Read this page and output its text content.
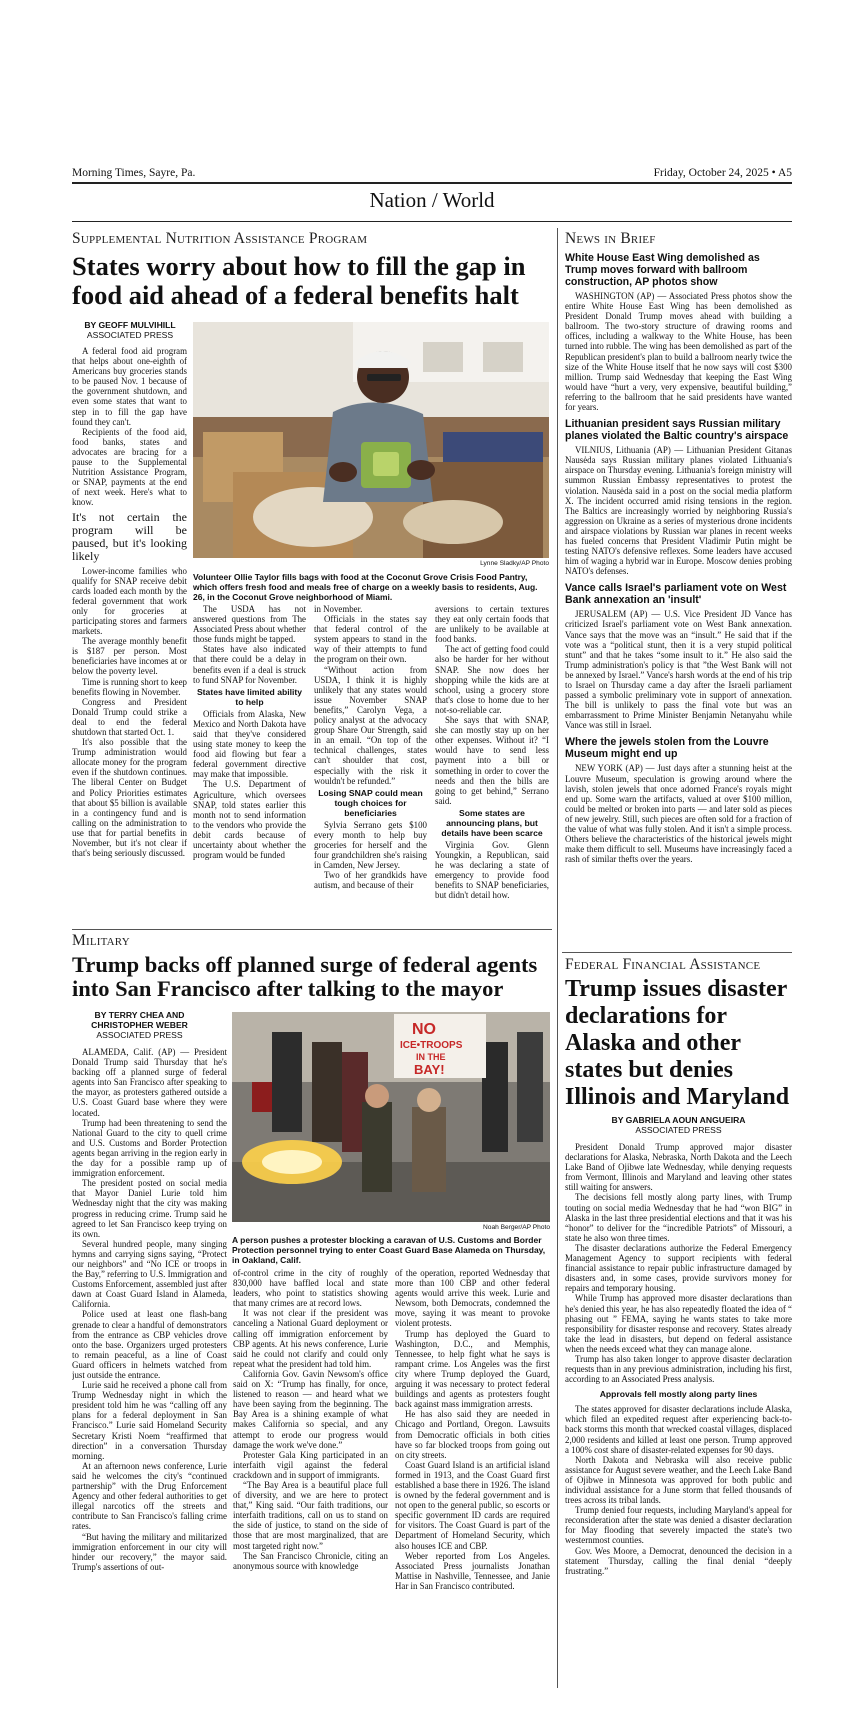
Morning Times, Sayre, Pa.	Friday, October 24, 2025 • A5
Nation / World
Supplemental Nutrition Assistance Program
States worry about how to fill the gap in food aid ahead of a federal benefits halt
BY GEOFF MULVIHILL
ASSOCIATED PRESS
Lynne Sladky/AP Photo
Volunteer Ollie Taylor fills bags with food at the Coconut Grove Crisis Food Pantry, which offers fresh food and meals free of charge on a weekly basis to residents, Aug. 26, in the Coconut Grove neighborhood of Miami.

A federal food aid program that helps about one-eighth of Americans buy groceries stands to be paused Nov. 1 because of the government shutdown, and even some states that want to step in to fill the gap have found they can't.

Recipients of the food aid, food banks, states and advocates are bracing for a pause to the Supplemental Nutrition Assistance Program, or SNAP, payments at the end of next week. Here's what to know.

It's not certain the program will be paused, but it's looking likely

Lower-income families who qualify for SNAP receive debit cards loaded each month by the federal government that work only for groceries at participating stores and farmers markets.

The average monthly benefit is $187 per person. Most beneficiaries have incomes at or below the poverty level.

Time is running short to keep benefits flowing in November.

Congress and President Donald Trump could strike a deal to end the federal shutdown that started Oct. 1.

It's also possible that the Trump administration would allocate money for the program even if the shutdown continues. The liberal Center on Budget and Policy Priorities estimates that about $5 billion is available in a contingency fund and is calling on the administration to use that for partial benefits in November, but it's not clear if that's being seriously discussed.

The USDA has not answered questions from The Associated Press about whether those funds might be tapped.

States have also indicated that there could be a delay in benefits even if a deal is struck to fund SNAP for November.

States have limited ability to help

Officials from Alaska, New Mexico and North Dakota have said that they've considered using state money to keep the food aid flowing but fear a federal government directive may make that impossible.

The U.S. Department of Agriculture, which oversees SNAP, told states earlier this month not to send information to the vendors who provide the debit cards because of uncertainty about whether the program would be funded

in November.

Officials in the states say that federal control of the system appears to stand in the way of their attempts to fund the program on their own.

“Without action from USDA, I think it is highly unlikely that any states would issue November SNAP benefits,” Carolyn Vega, a policy analyst at the advocacy group Share Our Strength, said in an email. “On top of the technical challenges, states can't shoulder that cost, especially with the risk it wouldn't be refunded.”

Losing SNAP could mean tough choices for beneficiaries

Sylvia Serrano gets $100 every month to help buy groceries for herself and the four grandchildren she's raising in Camden, New Jersey.

Two of her grandkids have autism, and because of their

aversions to certain textures they eat only certain foods that are unlikely to be available at food banks.

The act of getting food could also be harder for her without SNAP. She now does her shopping while the kids are at school, using a grocery store that's close to home due to her not-so-reliable car.

She says that with SNAP, she can mostly stay up on her other expenses. Without it? “I would have to send less payment into a bill or something in order to cover the needs and then the bills are going to get behind,” Serrano said.

Some states are announcing plans, but details have been scarce

Virginia Gov. Glenn Youngkin, a Republican, said he was declaring a state of emergency to provide food benefits to SNAP beneficiaries, but didn't detail how.

News in Brief
White House East Wing demolished as Trump moves forward with ballroom construction, AP photos show

WASHINGTON (AP) — Associated Press photos show the entire White House East Wing has been demolished as President Donald Trump moves ahead with building a ballroom. The two-story structure of drawing rooms and offices, including a walkway to the White House, has been turned into rubble. The wing has been demolished as part of the Republican president's plan to build a ballroom nearly twice the size of the White House itself that he now says will cost $300 million. Trump said Wednesday that keeping the East Wing would have “hurt a very, very expensive, beautiful building,” referring to the ballroom that he said presidents have wanted for years.

Lithuanian president says Russian military planes violated the Baltic country's airspace

VILNIUS, Lithuania (AP) — Lithuanian President Gitanas Nausėda says Russian military planes violated Lithuania's airspace on Thursday evening. Lithuania's foreign ministry will summon Russian Embassy representatives to protest the violation. Nausėda said in a post on the social media platform X. The incident occurred amid rising tensions in the region. The Baltics are increasingly worried by neighboring Russia's aggression on Ukraine as a series of mysterious drone incidents and airspace violations by Russian war planes in recent weeks has fueled concerns that President Vladimir Putin might be testing NATO's defensive reflexes. Some leaders have accused him of waging a hybrid war in Europe. Moscow denies probing NATO's defenses.

Vance calls Israel's parliament vote on West Bank annexation an 'insult'

JERUSALEM (AP) — U.S. Vice President JD Vance has criticized Israel's parliament vote on West Bank annexation. Vance says that the move was an “insult.” He said that if the vote was a “political stunt, then it is a very stupid political stunt” and that he takes “some insult to it.” He also said the Trump administration's policy is that ”the West Bank will not be annexed by Israel.” Vance's harsh words at the end of his trip to Israel on Thursday came a day after the Israeli parliament passed a symbolic preliminary vote in support of annexation. The bill is unlikely to pass the final vote but was an embarrassment to Prime Minister Benjamin Netanyahu while Vance was still in Israel.

Where the jewels stolen from the Louvre Museum might end up

NEW YORK (AP) — Just days after a stunning heist at the Louvre Museum, speculation is growing around where the lavish, stolen jewels that once adorned France's royals might end up. Some warn the artifacts, valued at over $100 million, could be melted or broken into parts — and later sold as pieces of new jewelry. Still, such pieces are often sold for a fraction of the value of what was fully stolen. And it isn't a simple process. Others believe the characteristics of the historical jewels might make them difficult to sell. Museums have increasingly faced a rash of similar thefts over the years.

Military
Trump backs off planned surge of federal agents into San Francisco after talking to the mayor
BY TERRY CHEA AND
CHRISTOPHER WEBER
ASSOCIATED PRESS	NO
ICE•TROOPS
IN THE
BAY!
Noah Berger/AP Photo
A person pushes a protester blocking a caravan of U.S. Customs and Border Protection personnel trying to enter Coast Guard Base Alameda on Thursday, in Oakland, Calif.

ALAMEDA, Calif. (AP) — President Donald Trump said Thursday that he's backing off a planned surge of federal agents into San Francisco after speaking to the mayor, as protesters gathered outside a U.S. Coast Guard base where they were located.

Trump had been threatening to send the National Guard to the city to quell crime and U.S. Customs and Border Protection agents began arriving in the region early in the day for a possible ramp up of immigration enforcement.

The president posted on social media that Mayor Daniel Lurie told him Wednesday night that the city was making progress in reducing crime. Trump said he agreed to let San Francisco keep trying on its own.

Several hundred people, many singing hymns and carrying signs saying, “Protect our neighbors” and “No ICE or troops in the Bay,” referring to U.S. Immigration and Customs Enforcement, assembled just after dawn at Coast Guard Island in Alameda, California.

Police used at least one flash-bang grenade to clear a handful of demonstrators from the entrance as CBP vehicles drove onto the base. Organizers urged protesters to remain peaceful, as a line of Coast Guard officers in helmets watched from just outside the entrance.

Lurie said he received a phone call from Trump Wednesday night in which the president told him he was “calling off any plans for a federal deployment in San Francisco.” Lurie said Homeland Security Secretary Kristi Noem “reaffirmed that direction” in a conversation Thursday morning.

At an afternoon news conference, Lurie said he welcomes the city's “continued partnership” with the Drug Enforcement Agency and other federal authorities to get illegal narcotics off the streets and contribute to San Francisco's falling crime rates.

“But having the military and militarized immigration enforcement in our city will hinder our recovery,” the mayor said. Trump's assertions of out-

of-control crime in the city of roughly 830,000 have baffled local and state leaders, who point to statistics showing that many crimes are at record lows.

It was not clear if the president was canceling a National Guard deployment or calling off immigration enforcement by CBP agents. At his news conference, Lurie said he could not clarify and could only repeat what the president had told him.

California Gov. Gavin Newsom's office said on X: “Trump has finally, for once, listened to reason — and heard what we have been saying from the beginning. The Bay Area is a shining example of what makes California so special, and any attempt to erode our progress would damage the work we've done.”

Protester Gala King participated in an interfaith vigil against the federal crackdown and in support of immigrants.

“The Bay Area is a beautiful place full of diversity, and we are here to protect that,” King said. “Our faith traditions, our interfaith traditions, call on us to stand on the side of justice, to stand on the side of those that are most marginalized, that are most targeted right now.”

The San Francisco Chronicle, citing an anonymous source with knowledge

of the operation, reported Wednesday that more than 100 CBP and other federal agents would arrive this week. Lurie and Newsom, both Democrats, condemned the move, saying it was meant to provoke violent protests.

Trump has deployed the Guard to Washington, D.C., and Memphis, Tennessee, to help fight what he says is rampant crime. Los Angeles was the first city where Trump deployed the Guard, arguing it was necessary to protect federal buildings and agents as protesters fought back against mass immigration arrests.

He has also said they are needed in Chicago and Portland, Oregon. Lawsuits from Democratic officials in both cities have so far blocked troops from going out on city streets.

Coast Guard Island is an artificial island formed in 1913, and the Coast Guard first established a base there in 1926. The island is owned by the federal government and is not open to the general public, so escorts or specific government ID cards are required for visitors. The Coast Guard is part of the Department of Homeland Security, which also houses ICE and CBP.

Weber reported from Los Angeles. Associated Press journalists Jonathan Mattise in Nashville, Tennessee, and Janie Har in San Francisco contributed.

Federal Financial Assistance
Trump issues disaster declarations for Alaska and other states but denies Illinois and Maryland
BY GABRIELA AOUN ANGUEIRA
ASSOCIATED PRESS

President Donald Trump approved major disaster declarations for Alaska, Nebraska, North Dakota and the Leech Lake Band of Ojibwe late Wednesday, while denying requests from Vermont, Illinois and Maryland and leaving other states still waiting for answers.

The decisions fell mostly along party lines, with Trump touting on social media Wednesday that he had “won BIG” in Alaska in the last three presidential elections and that it was his “honor” to deliver for the “incredible Patriots” of Missouri, a state he also won three times.

The disaster declarations authorize the Federal Emergency Management Agency to support recipients with federal financial assistance to repair public infrastructure damaged by disasters and, in some cases, provide survivors money for repairs and temporary housing.

While Trump has approved more disaster declarations than he's denied this year, he has also repeatedly floated the idea of “ phasing out ” FEMA, saying he wants states to take more responsibility for disaster response and recovery. States already take the lead in disasters, but depend on federal assistance when the needs exceed what they can manage alone.

Trump has also taken longer to approve disaster declaration requests than in any previous administration, including his first, according to an Associated Press analysis.

Approvals fell mostly along party lines

The states approved for disaster declarations include Alaska, which filed an expedited request after experiencing back-to-back storms this month that wrecked coastal villages, displaced 2,000 residents and killed at least one person. Trump approved a 100% cost share of disaster-related expenses for 90 days.

North Dakota and Nebraska will also receive public assistance for August severe weather, and the Leech Lake Band of Ojibwe in Minnesota was approved for both public and individual assistance for a June storm that felled thousands of trees across its tribal lands.

Trump denied four requests, including Maryland's appeal for reconsideration after the state was denied a disaster declaration for May flooding that severely impacted the state's two westernmost counties.

Gov. Wes Moore, a Democrat, denounced the decision in a statement Thursday, calling the final denial “deeply frustrating.”
